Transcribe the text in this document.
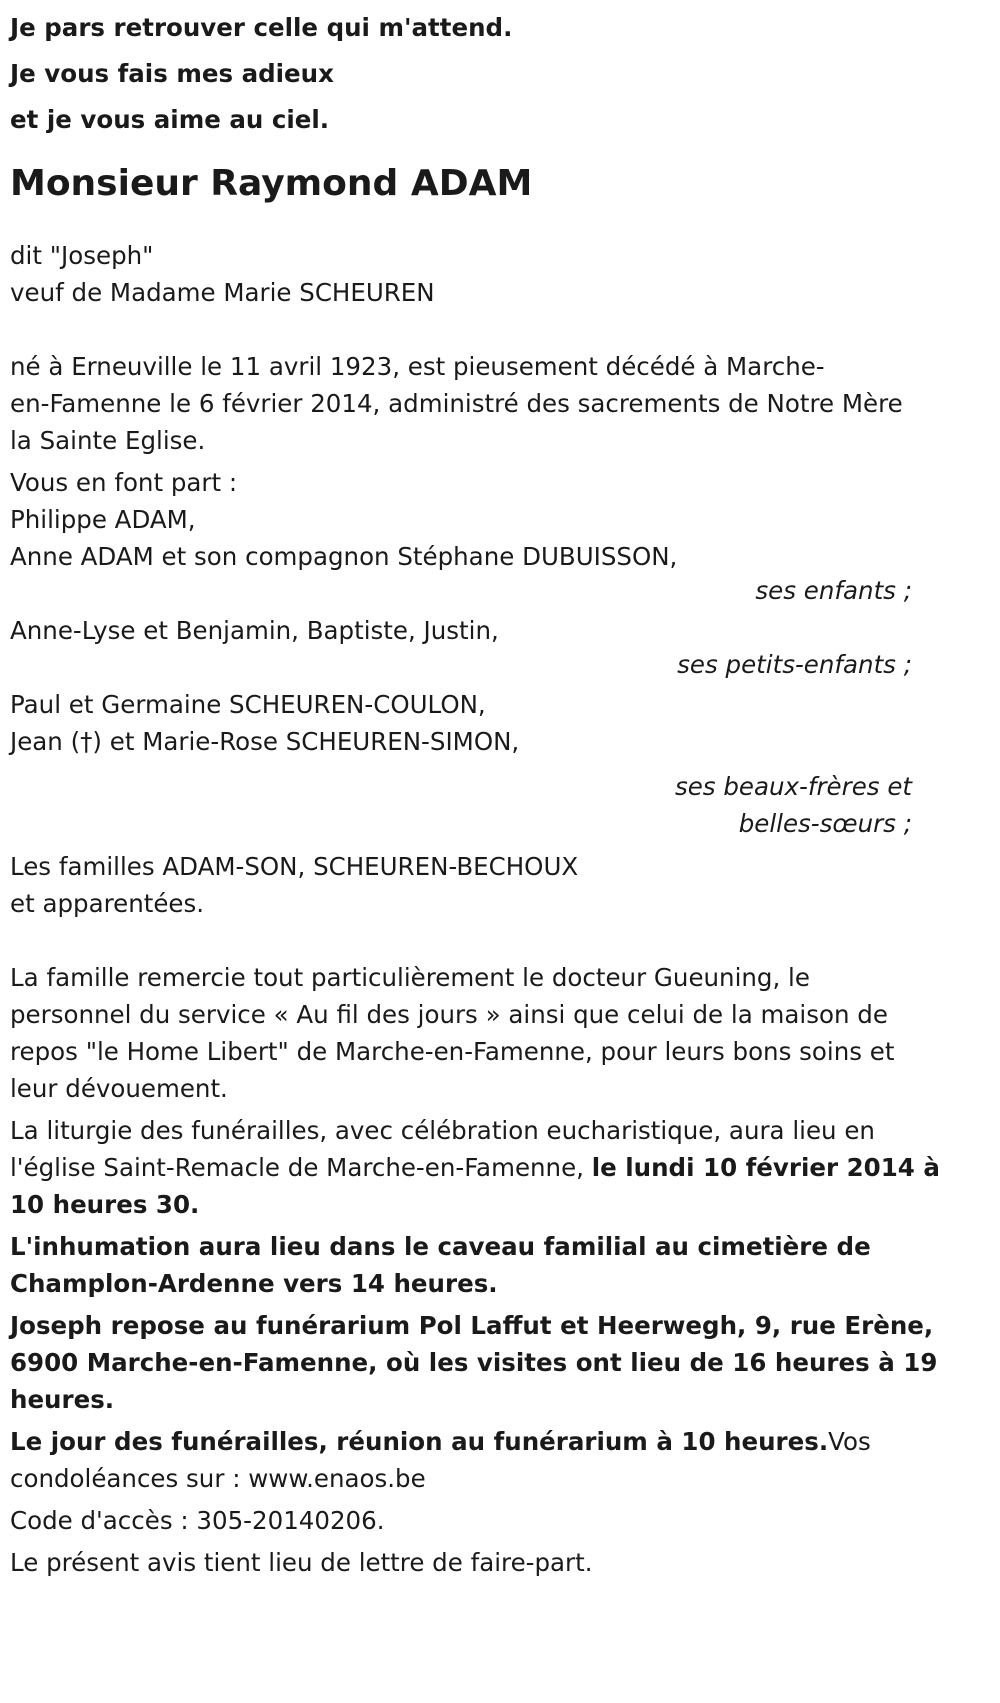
Je pars retrouver celle qui m'attend.
Je vous fais mes adieux
et je vous aime au ciel.
Monsieur Raymond ADAM
dit "Joseph"
veuf de Madame Marie SCHEUREN
né à Erneuville le 11 avril 1923, est pieusement décédé à Marche-
en-Famenne le 6 février 2014, administré des sacrements de Notre Mère
la Sainte Eglise.
Vous en font part :
Philippe ADAM,
Anne ADAM et son compagnon Stéphane DUBUISSON,
ses enfants ;
Anne-Lyse et Benjamin, Baptiste, Justin,
ses petits-enfants ;
Paul et Germaine SCHEUREN-COULON,
Jean (†) et Marie-Rose SCHEUREN-SIMON,
ses beaux-frères et
belles-sœurs ;
Les familles ADAM-SON, SCHEUREN-BECHOUX
et apparentées.
La famille remercie tout particulièrement le docteur Gueuning, le
personnel du service « Au fil des jours » ainsi que celui de la maison de
repos "le Home Libert" de Marche-en-Famenne, pour leurs bons soins et
leur dévouement.
La liturgie des funérailles, avec célébration eucharistique, aura lieu en
l'église Saint-Remacle de Marche-en-Famenne, le lundi 10 février 2014 à
10 heures 30.
L'inhumation aura lieu dans le caveau familial au cimetière de
Champlon-Ardenne vers 14 heures.
Joseph repose au funérarium Pol Laffut et Heerwegh, 9, rue Erène,
6900 Marche-en-Famenne, où les visites ont lieu de 16 heures à 19
heures.
Le jour des funérailles, réunion au funérarium à 10 heures.Vos
condoléances sur : www.enaos.be
Code d'accès : 305-20140206.
Le présent avis tient lieu de lettre de faire-part.
